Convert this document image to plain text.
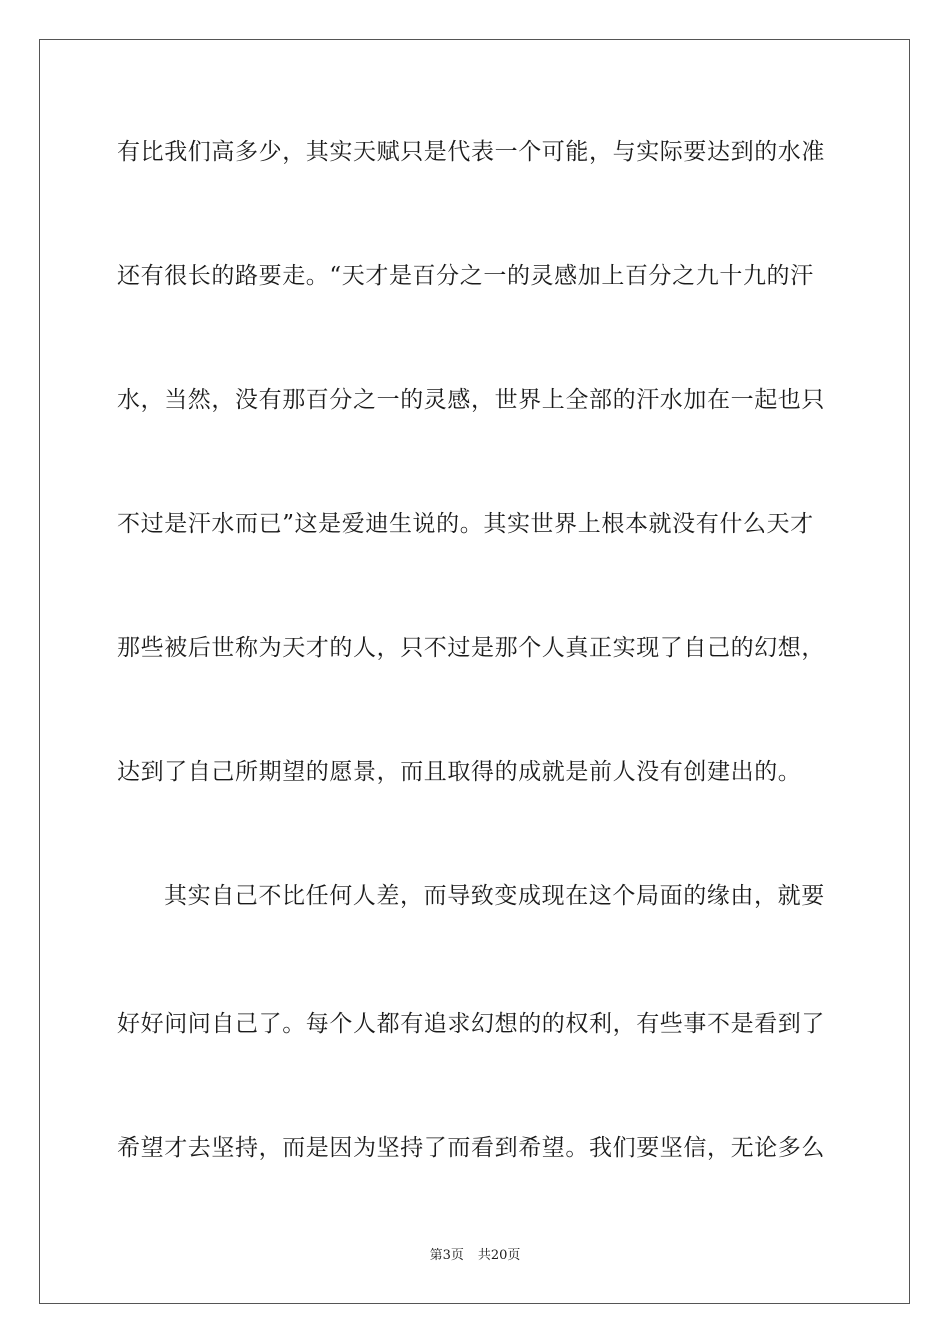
有比我们高多少，其实天赋只是代表一个可能，与实际要达到的水准
还有很长的路要走。“天才是百分之一的灵感加上百分之九十九的汗
水，当然，没有那百分之一的灵感，世界上全部的汗水加在一起也只
不过是汗水而已”这是爱迪生说的。其实世界上根本就没有什么天才
那些被后世称为天才的人，只不过是那个人真正实现了自己的幻想，
达到了自己所期望的愿景，而且取得的成就是前人没有创建出的。
其实自己不比任何人差，而导致变成现在这个局面的缘由，就要
好好问问自己了。每个人都有追求幻想的的权利，有些事不是看到了
希望才去坚持，而是因为坚持了而看到希望。我们要坚信，无论多么
第3页 共20页
